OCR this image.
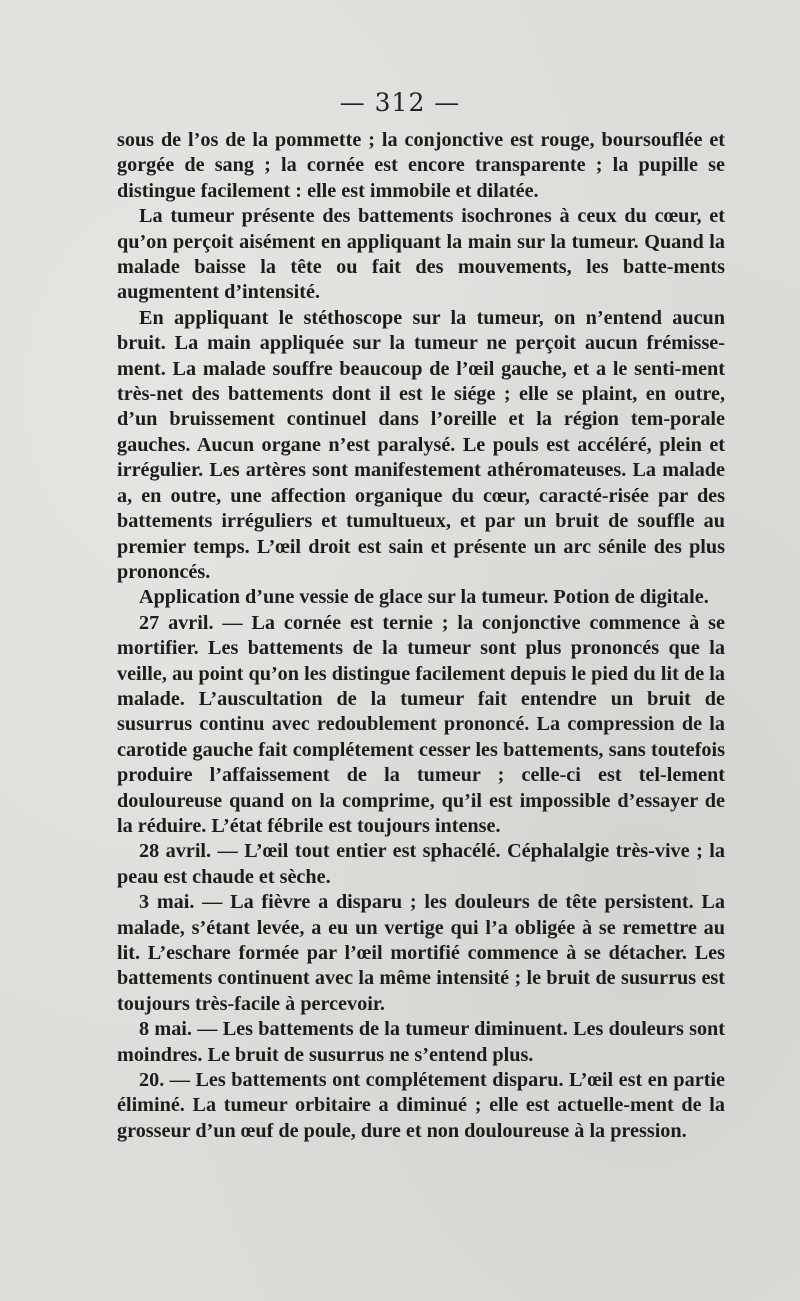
— 312 —

sous de l’os de la pommette ; la conjonctive est rouge, boursouflée et gorgée de sang ; la cornée est encore transparente ; la pupille se distingue facilement : elle est immobile et dilatée.

La tumeur présente des battements isochrones à ceux du cœur, et qu’on perçoit aisément en appliquant la main sur la tumeur. Quand la malade baisse la tête ou fait des mouvements, les batte-ments augmentent d’intensité.

En appliquant le stéthoscope sur la tumeur, on n’entend aucun bruit. La main appliquée sur la tumeur ne perçoit aucun frémisse-ment. La malade souffre beaucoup de l’œil gauche, et a le senti-ment très-net des battements dont il est le siége ; elle se plaint, en outre, d’un bruissement continuel dans l’oreille et la région tem-porale gauches. Aucun organe n’est paralysé. Le pouls est accéléré, plein et irrégulier. Les artères sont manifestement athéromateuses. La malade a, en outre, une affection organique du cœur, caracté-risée par des battements irréguliers et tumultueux, et par un bruit de souffle au premier temps. L’œil droit est sain et présente un arc sénile des plus prononcés.

Application d’une vessie de glace sur la tumeur. Potion de digitale.

27 avril. — La cornée est ternie ; la conjonctive commence à se mortifier. Les battements de la tumeur sont plus prononcés que la veille, au point qu’on les distingue facilement depuis le pied du lit de la malade. L’auscultation de la tumeur fait entendre un bruit de susurrus continu avec redoublement prononcé. La compression de la carotide gauche fait complétement cesser les battements, sans toutefois produire l’affaissement de la tumeur ; celle-ci est tel-lement douloureuse quand on la comprime, qu’il est impossible d’essayer de la réduire. L’état fébrile est toujours intense.

28 avril. — L’œil tout entier est sphacélé. Céphalalgie très-vive ; la peau est chaude et sèche.

3 mai. — La fièvre a disparu ; les douleurs de tête persistent. La malade, s’étant levée, a eu un vertige qui l’a obligée à se remettre au lit. L’eschare formée par l’œil mortifié commence à se détacher. Les battements continuent avec la même intensité ; le bruit de susurrus est toujours très-facile à percevoir.

8 mai. — Les battements de la tumeur diminuent. Les douleurs sont moindres. Le bruit de susurrus ne s’entend plus.

20. — Les battements ont complétement disparu. L’œil est en partie éliminé. La tumeur orbitaire a diminué ; elle est actuelle-ment de la grosseur d’un œuf de poule, dure et non douloureuse à la pression.
